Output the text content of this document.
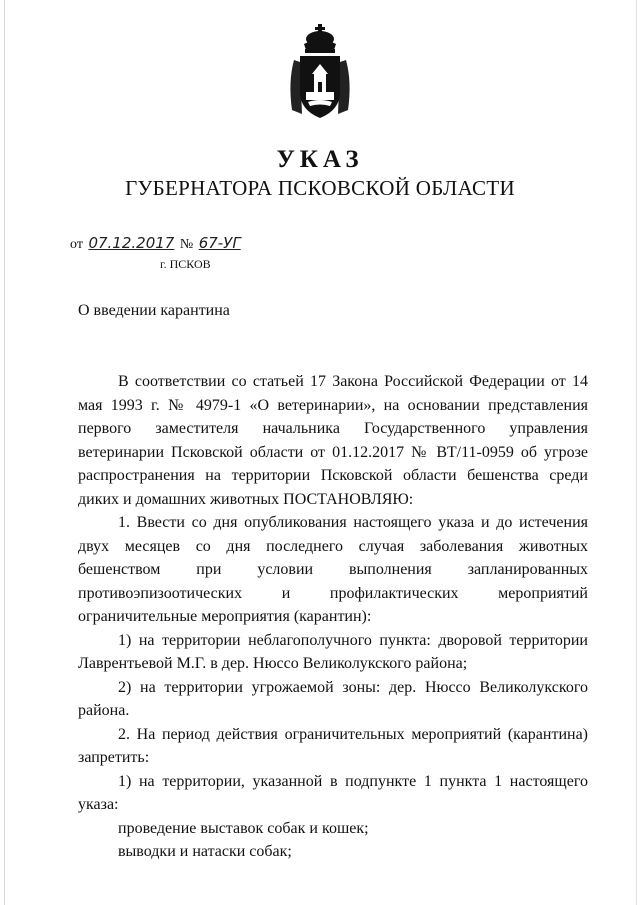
УКАЗ
ГУБЕРНАТОРА ПСКОВСКОЙ ОБЛАСТИ
от 07.12.2017 № 67-УГ
г. ПСКОВ
О введении карантина

В соответствии со статьей 17 Закона Российской Федерации от 14 мая 1993 г. № 4979-1 «О ветеринарии», на основании представления первого заместителя начальника Государственного управления ветеринарии Псковской области от 01.12.2017 № ВТ/11-0959 об угрозе распространения на территории Псковской области бешенства среди диких и домашних животных ПОСТАНОВЛЯЮ:

1. Ввести со дня опубликования настоящего указа и до истечения двух месяцев со дня последнего случая заболевания животных бешенством при условии выполнения запланированных противоэпизоотических и профилактических мероприятий ограничительные мероприятия (карантин):

1) на территории неблагополучного пункта: дворовой территории Лаврентьевой М.Г. в дер. Нюссо Великолукского района;

2) на территории угрожаемой зоны: дер. Нюссо Великолукского района.

2. На период действия ограничительных мероприятий (карантина) запретить:

1) на территории, указанной в подпункте 1 пункта 1 настоящего указа:

проведение выставок собак и кошек;

выводки и натаски собак;
